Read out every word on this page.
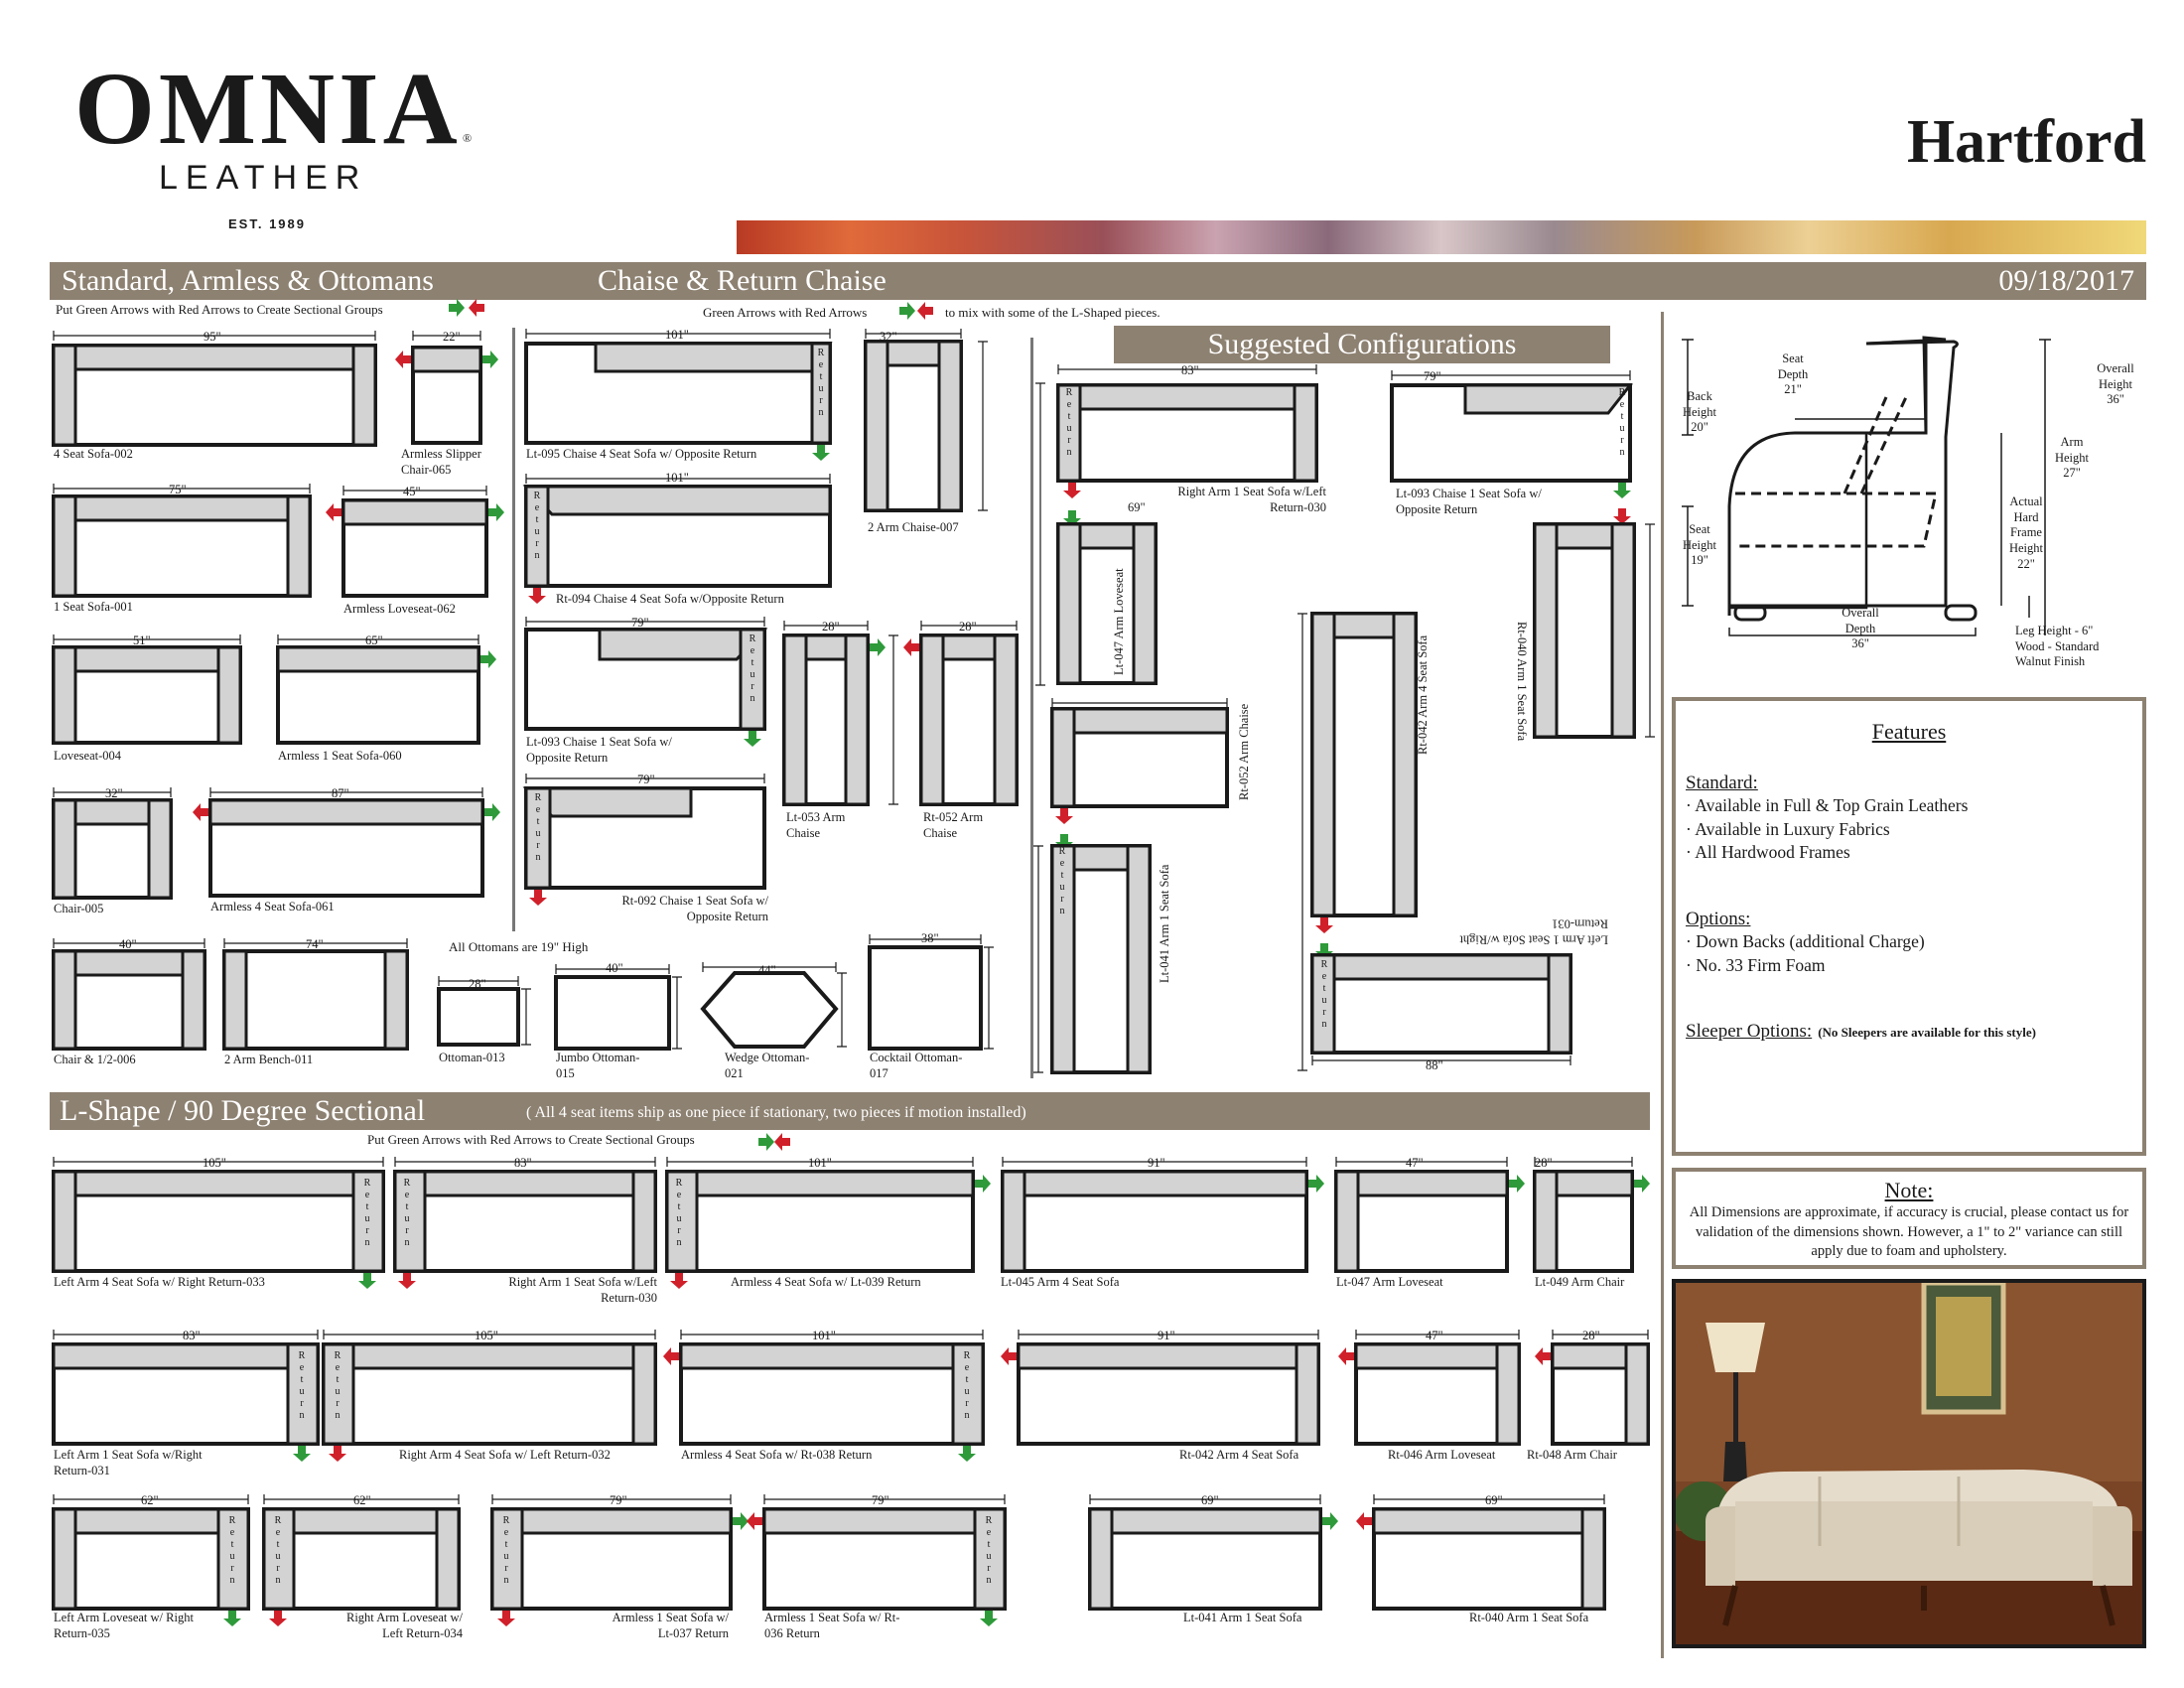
OMNIA ®
LEATHER
EST. 1989
Hartford
Standard, Armless & Ottomans	Chaise & Return Chaise	09/18/2017
Suggested Configurations
L-Shape / 90 Degree Sectional	( All 4 seat items ship as one piece if stationary, two pieces if motion installed)
Put Green Arrows with Red Arrows to Create Sectional Groups	Green Arrows with Red Arrows	to mix with some of the L-Shaped pieces.
All Ottomans are 19" High
Put Green Arrows with Red Arrows to Create Sectional Groups
R
e
t
u
r
n
R
e
t
u
r
n
R
e
t
u
r
n
R
e
t
u
r
n
R
e
t
u
r
n
R
e
t
u
r
n
R
e
t
u
r
n
R
e
t
u
r
n
R
e
t
u
r
n
R
e
t
u
r
n
R
e
t
u
r
n
R
e
t
u
r
n
R
e
t
u
r
n
R
e
t
u
r
n
R
e
t
u
r
n
R
e
t
u
r
n
R
e
t
u
r
n
R
e
t
u
r
n
4 Seat Sofa-002
95"
Armless Slipper Chair-065
22"
1 Seat Sofa-001
75"
Armless Loveseat-062
45"
Loveseat-004
51"
Armless 1 Seat Sofa-060
65"
Chair-005
32"
Armless 4 Seat Sofa-061
87"
Chair & 1/2-006
40"
2 Arm Bench-011
74"
Ottoman-013
28"
Jumbo Ottoman-015
40"
Wedge Ottoman-021
44"
Cocktail Ottoman-017
38"
Lt-095 Chaise 4 Seat Sofa w/ Opposite Return
101"
2 Arm Chaise-007
32"
Rt-094 Chaise 4 Seat Sofa w/Opposite Return
101"
Lt-093 Chaise 1 Seat Sofa w/ Opposite Return
79"
Lt-053 Arm Chaise
28"
Rt-052 Arm Chaise
28"
Rt-092 Chaise 1 Seat Sofa w/ Opposite Return
79"
Right Arm 1 Seat Sofa w/Left Return-030
83"
Lt-093 Chaise 1 Seat Sofa w/ Opposite Return
79"
69"
88"
Left Arm 1 Seat Sofa w/Right Return-031
Lt-047 Arm Loveseat	Rt-040 Arm 1 Seat Sofa
Rt-052 Arm Chaise
Lt-041 Arm 1 Seat Sofa
Rt-042 Arm 4 Seat Sofa
Left Arm 4 Seat Sofa w/ Right Return-033
105"
Right Arm 1 Seat Sofa w/Left Return-030
83"
Armless 4 Seat Sofa w/ Lt-039 Return
101"
Lt-045 Arm 4 Seat Sofa
91"
Lt-047 Arm Loveseat
47"
Lt-049 Arm Chair
28"
Left Arm 1 Seat Sofa w/Right Return-031
83"
Right Arm 4 Seat Sofa w/ Left Return-032
105"
Armless 4 Seat Sofa w/ Rt-038 Return
101"
Rt-042 Arm 4 Seat Sofa
91"
Rt-046 Arm Loveseat
47"
Rt-048 Arm Chair
28"
Left Arm Loveseat w/ Right Return-035
62"
Right Arm Loveseat w/ Left Return-034
62"
Armless 1 Seat Sofa w/ Lt-037 Return
79"
Armless 1 Seat Sofa w/ Rt-036 Return
79"
Lt-041 Arm 1 Seat Sofa
69"
Rt-040 Arm 1 Seat Sofa
69"
Seat Depth 21"
Back Height 20"
Overall Height 36"
Arm Height 27"
Seat Height 19"
Actual Hard Frame Height 22"
Overall Depth 36"
Leg Height - 6" Wood - Standard Walnut Finish
Features
Standard:
· Available in Full & Top Grain Leathers
· Available in Luxury Fabrics
· All Hardwood Frames
Options:
· Down Backs (additional Charge)
· No. 33 Firm Foam
Sleeper Options: (No Sleepers are available for this style)
Note:
All Dimensions are approximate, if accuracy is crucial, please contact us for validation of the dimensions shown. However, a 1" to 2" variance can still apply due to foam and upholstery.
